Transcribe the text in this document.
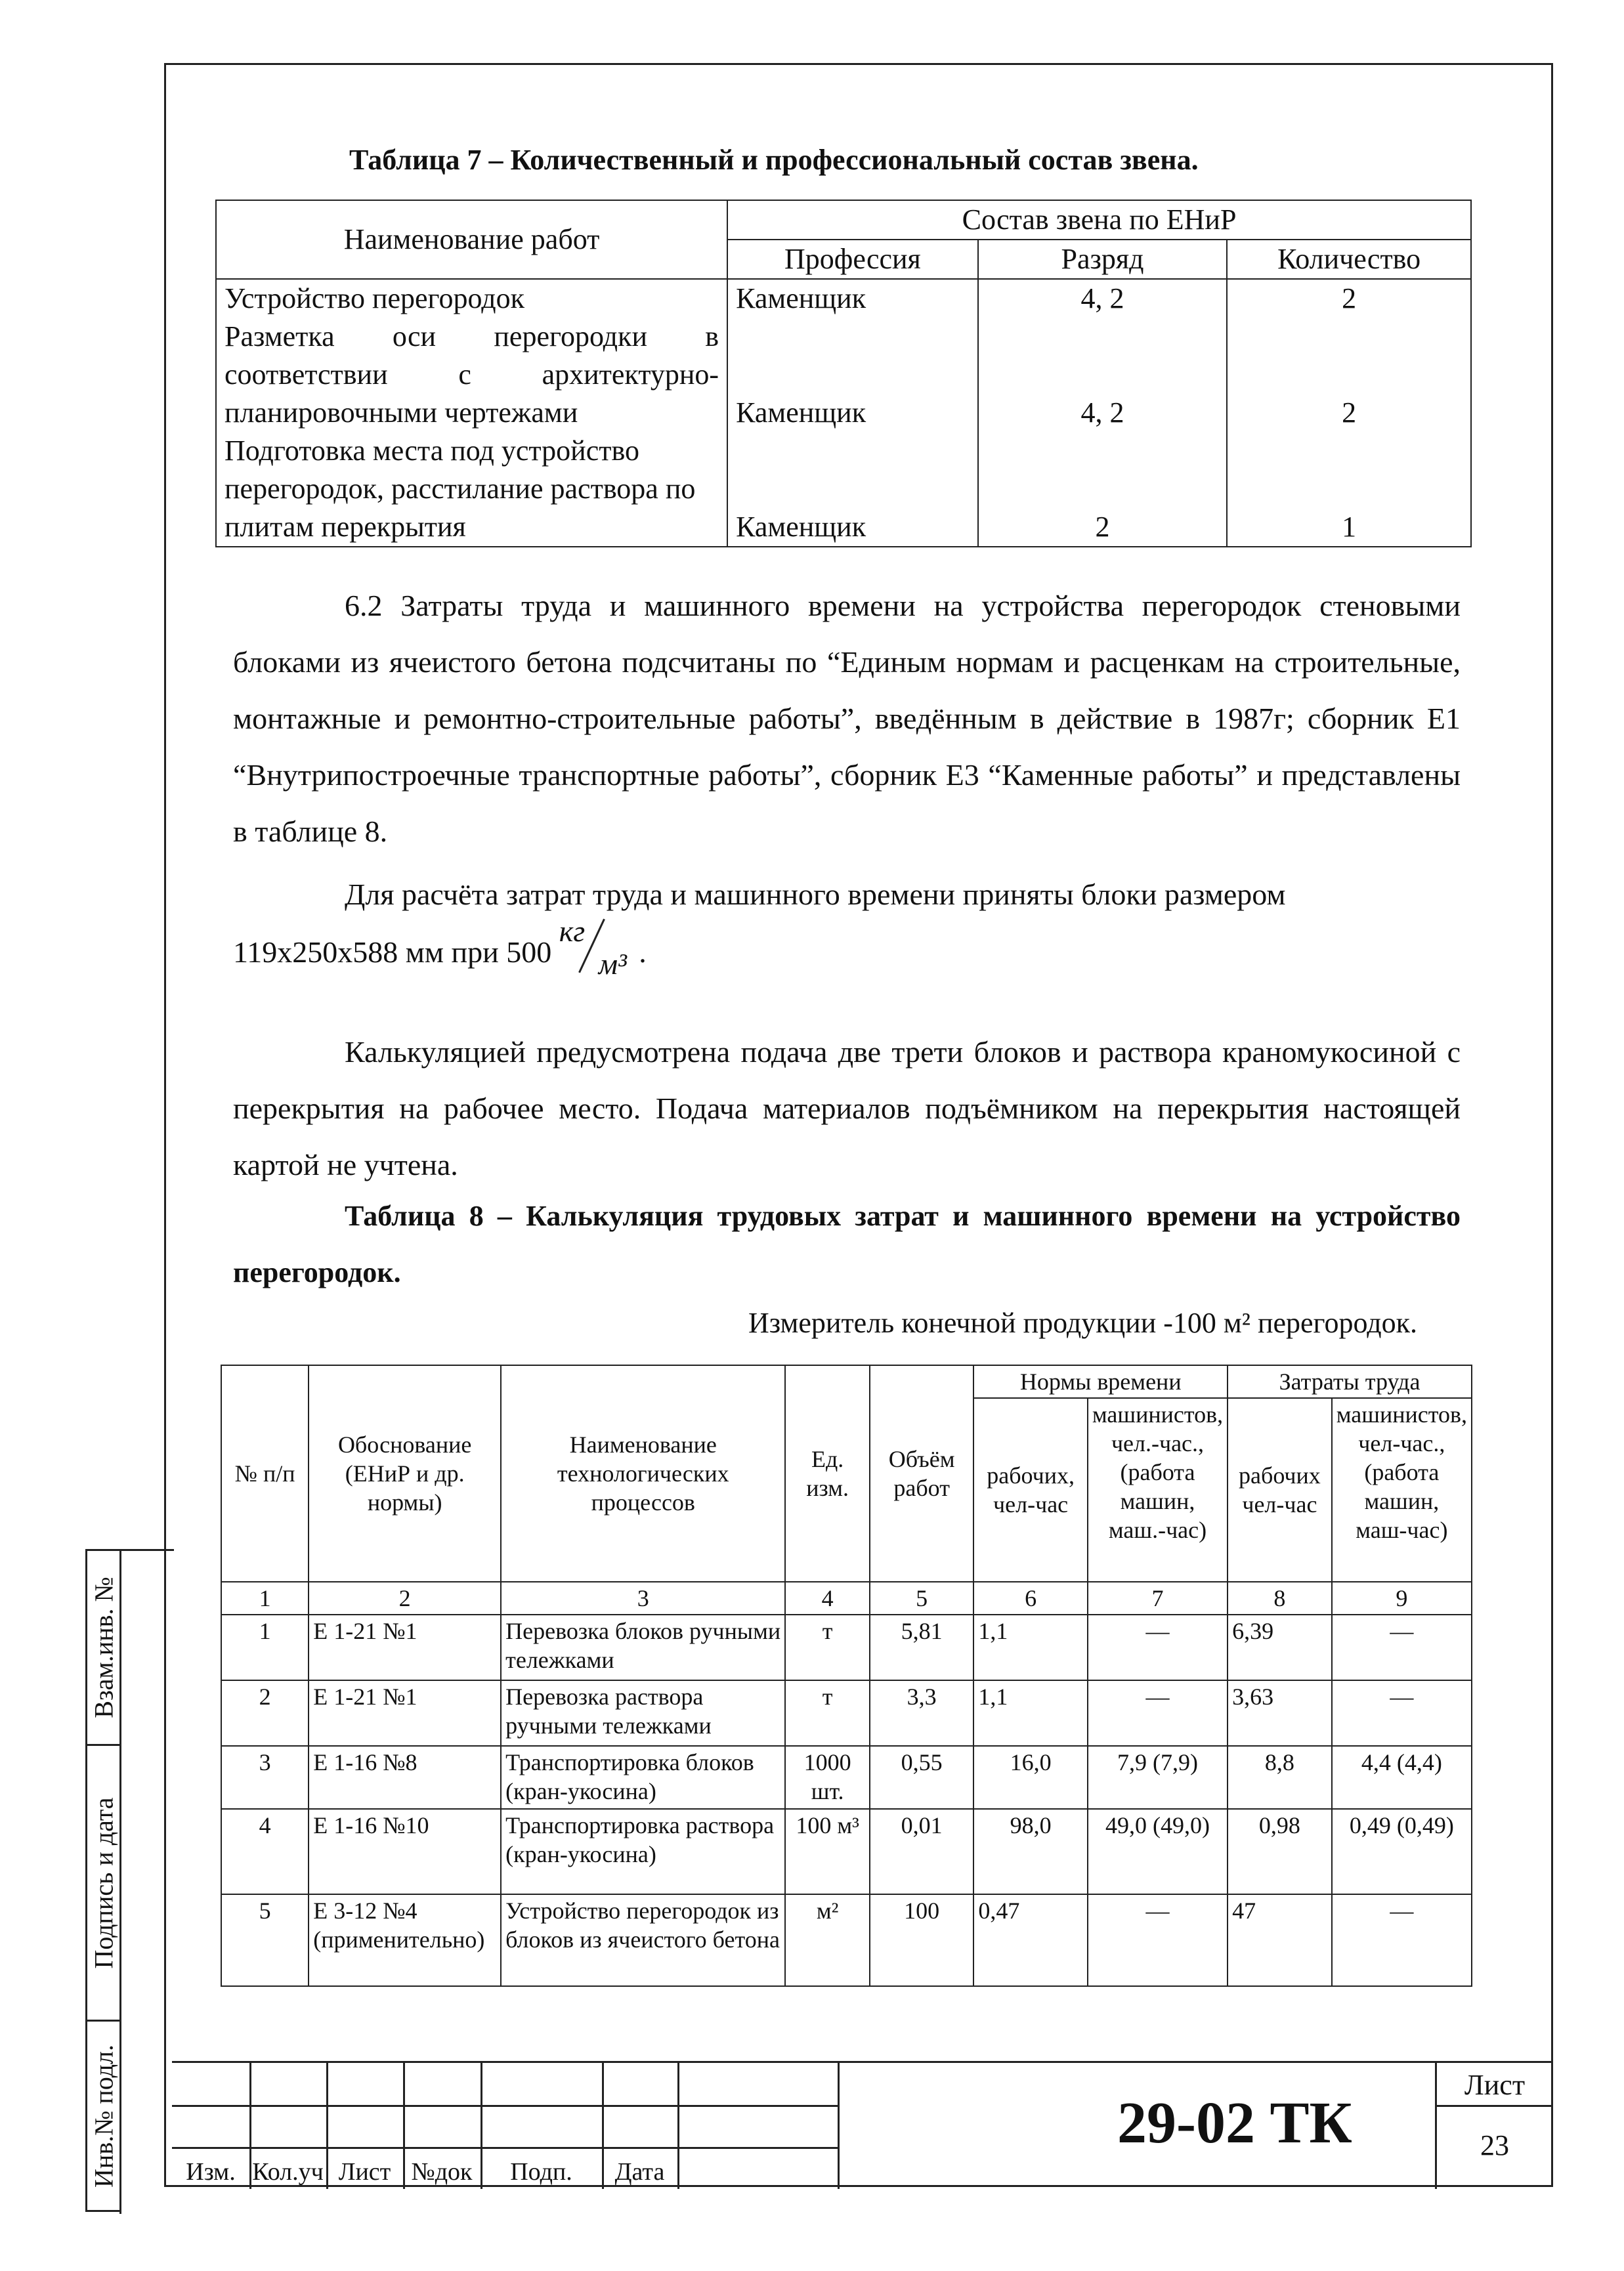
Таблица 7 – Количественный и профессиональный состав звена.
Наименование работ	Состав звена по ЕНиР		
	Профессия	Разряд	Количество
Устройство перегородок	Каменщик	4, 2	2
Разметка оси перегородки в соответствии с архитектурно-планировочными чертежами	Каменщик	4, 2	2
Подготовка места под устройство перегородок, расстилание раствора по плитам перекрытия	Каменщик	2	1
6.2 Затраты труда и машинного времени на устройства перегородок стеновыми блоками из ячеистого бетона подсчитаны по “Единым нормам и расценкам на строительные, монтажные и ремонтно-строительные работы”, введённым в действие в 1987г; сборник Е1 “Внутрипостроечные транспортные работы”, сборник Е3 “Каменные работы” и представлены в таблице 8.
Для расчёта затрат труда и машинного времени приняты блоки размером
119x250x588 мм при 500
кг
м³ .
Калькуляцией предусмотрена подача две трети блоков и раствора краномукосиной с перекрытия на рабочее место. Подача материалов подъёмником на перекрытия настоящей картой не учтена.
Таблица 8 – Калькуляция трудовых затрат и машинного времени на устройство перегородок.
Измеритель конечной продукции -100 м² перегородок.
№ п/п	Обоснование (ЕНиР и др. нормы)	Наименование технологических процессов	Ед. изм.	Объём работ	Нормы времени		Затраты труда	
					рабочих, чел-час	машинистов, чел.-час., (работа машин, маш.-час)	рабочих чел-час	машинистов, чел-час., (работа машин, маш-час)
1	2	3	4	5	6	7	8	9
1	Е 1-21 №1	Перевозка блоков ручными тележками	т	5,81	1,1	—	6,39	—
2	Е 1-21 №1	Перевозка раствора ручными тележками	т	3,3	1,1	—	3,63	—
3	Е 1-16 №8	Транспортировка блоков (кран-укосина)	1000 шт.	0,55	16,0	7,9 (7,9)	8,8	4,4 (4,4)
4	Е 1-16 №10	Транспортировка раствора (кран-укосина)	100 м³	0,01	98,0	49,0 (49,0)	0,98	0,49 (0,49)
5	Е 3-12 №4 (применительно)	Устройство перегородок из блоков из ячеистого бетона	м²	100	0,47	—	47	—
Взам.инв. №
Подпись и дата
Инв.№ подл.	Изм. Кол.уч Лист №док	Подп.	Дата
29-02 ТК
Лист
23
